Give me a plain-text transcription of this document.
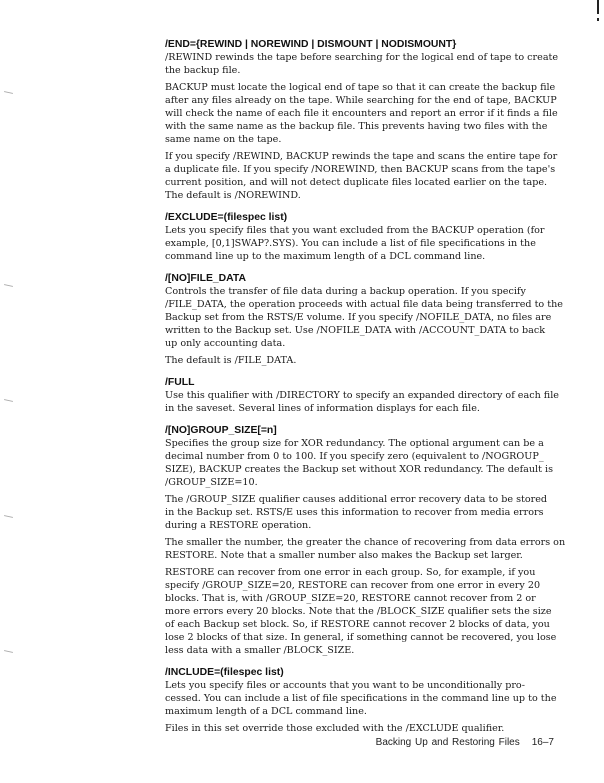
/END={REWIND | NOREWIND | DISMOUNT | NODISMOUNT}
/REWIND rewinds the tape before searching for the logical end of tape to create
the backup file.
BACKUP must locate the logical end of tape so that it can create the backup file
after any files already on the tape. While searching for the end of tape, BACKUP
will check the name of each file it encounters and report an error if it finds a file
with the same name as the backup file. This prevents having two files with the
same name on the tape.
If you specify /REWIND, BACKUP rewinds the tape and scans the entire tape for
a duplicate file. If you specify /NOREWIND, then BACKUP scans from the tape's
current position, and will not detect duplicate files located earlier on the tape.
The default is /NOREWIND.
/EXCLUDE=(filespec list)
Lets you specify files that you want excluded from the BACKUP operation (for
example, [0,1]SWAP?.SYS). You can include a list of file specifications in the
command line up to the maximum length of a DCL command line.
/[NO]FILE_DATA
Controls the transfer of file data during a backup operation. If you specify
/FILE_DATA, the operation proceeds with actual file data being transferred to the
Backup set from the RSTS/E volume. If you specify /NOFILE_DATA, no files are
written to the Backup set. Use /NOFILE_DATA with /ACCOUNT_DATA to back
up only accounting data.
The default is /FILE_DATA.
/FULL
Use this qualifier with /DIRECTORY to specify an expanded directory of each file
in the saveset. Several lines of information displays for each file.
/[NO]GROUP_SIZE[=n]
Specifies the group size for XOR redundancy. The optional argument can be a
decimal number from 0 to 100. If you specify zero (equivalent to /NOGROUP_
SIZE), BACKUP creates the Backup set without XOR redundancy. The default is
/GROUP_SIZE=10.
The /GROUP_SIZE qualifier causes additional error recovery data to be stored
in the Backup set. RSTS/E uses this information to recover from media errors
during a RESTORE operation.
The smaller the number, the greater the chance of recovering from data errors on
RESTORE. Note that a smaller number also makes the Backup set larger.
RESTORE can recover from one error in each group. So, for example, if you
specify /GROUP_SIZE=20, RESTORE can recover from one error in every 20
blocks. That is, with /GROUP_SIZE=20, RESTORE cannot recover from 2 or
more errors every 20 blocks. Note that the /BLOCK_SIZE qualifier sets the size
of each Backup set block. So, if RESTORE cannot recover 2 blocks of data, you
lose 2 blocks of that size. In general, if something cannot be recovered, you lose
less data with a smaller /BLOCK_SIZE.
/INCLUDE=(filespec list)
Lets you specify files or accounts that you want to be unconditionally pro-
cessed. You can include a list of file specifications in the command line up to the
maximum length of a DCL command line.
Files in this set override those excluded with the /EXCLUDE qualifier.
Backing Up and Restoring Files 16–7
